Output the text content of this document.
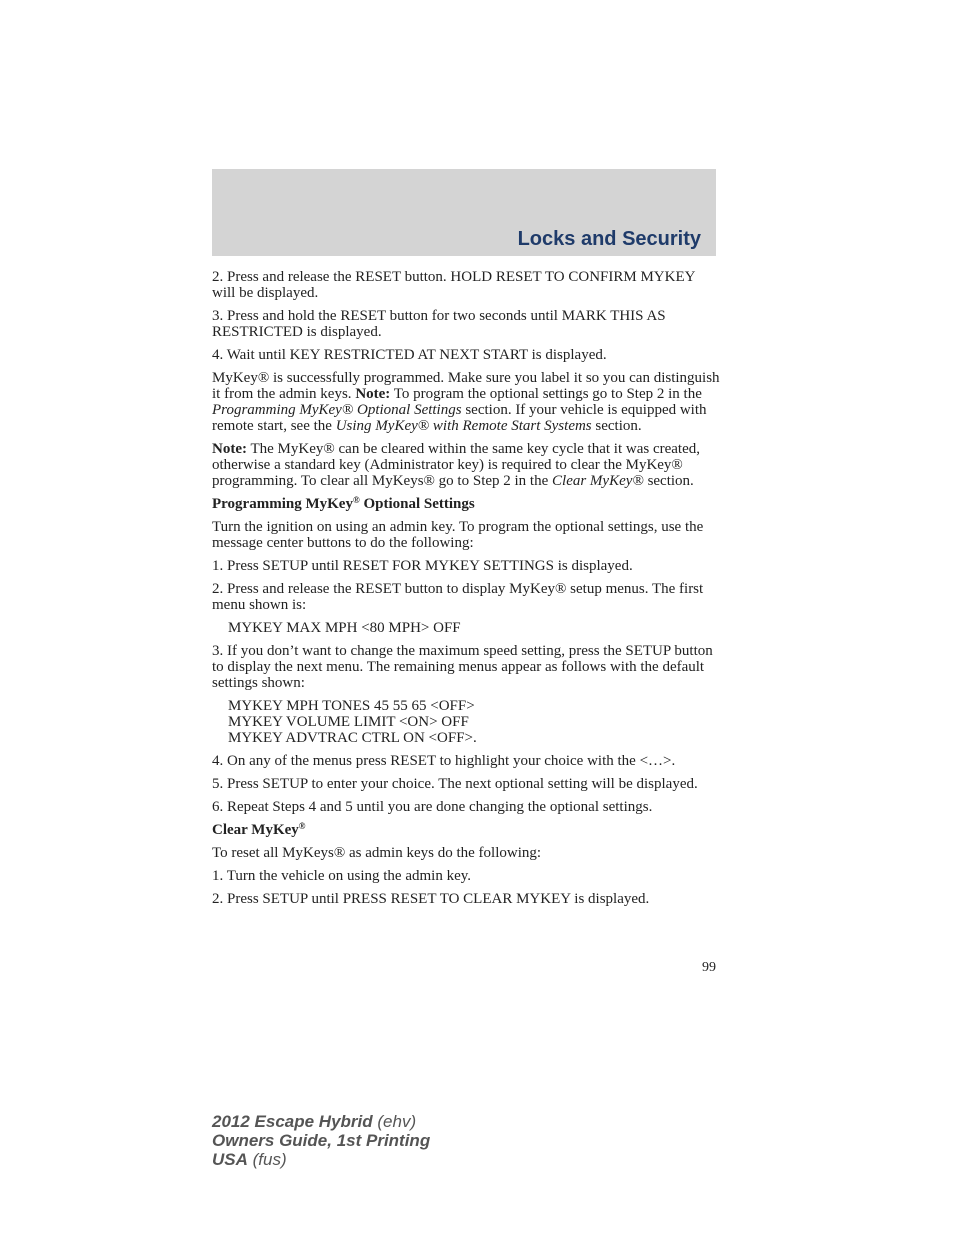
Locks and Security

2. Press and release the RESET button. HOLD RESET TO CONFIRM MYKEY will be displayed.

3. Press and hold the RESET button for two seconds until MARK THIS AS RESTRICTED is displayed.

4. Wait until KEY RESTRICTED AT NEXT START is displayed.

MyKey® is successfully programmed. Make sure you label it so you can distinguish it from the admin keys. Note: To program the optional settings go to Step 2 in the Programming MyKey® Optional Settings section. If your vehicle is equipped with remote start, see the Using MyKey® with Remote Start Systems section.

Note: The MyKey® can be cleared within the same key cycle that it was created, otherwise a standard key (Administrator key) is required to clear the MyKey® programming. To clear all MyKeys® go to Step 2 in the Clear MyKey® section.

Programming MyKey® Optional Settings

Turn the ignition on using an admin key. To program the optional settings, use the message center buttons to do the following:

1. Press SETUP until RESET FOR MYKEY SETTINGS is displayed.

2. Press and release the RESET button to display MyKey® setup menus. The first menu shown is:

MYKEY MAX MPH <80 MPH> OFF

3. If you don’t want to change the maximum speed setting, press the SETUP button to display the next menu. The remaining menus appear as follows with the default settings shown:

MYKEY MPH TONES 45 55 65 <OFF>
MYKEY VOLUME LIMIT <ON> OFF
MYKEY ADVTRAC CTRL ON <OFF>.

4. On any of the menus press RESET to highlight your choice with the <…>.

5. Press SETUP to enter your choice. The next optional setting will be displayed.

6. Repeat Steps 4 and 5 until you are done changing the optional settings.

Clear MyKey®

To reset all MyKeys® as admin keys do the following:

1. Turn the vehicle on using the admin key.

2. Press SETUP until PRESS RESET TO CLEAR MYKEY is displayed.

99
2012 Escape Hybrid (ehv)
Owners Guide, 1st Printing
USA (fus)
